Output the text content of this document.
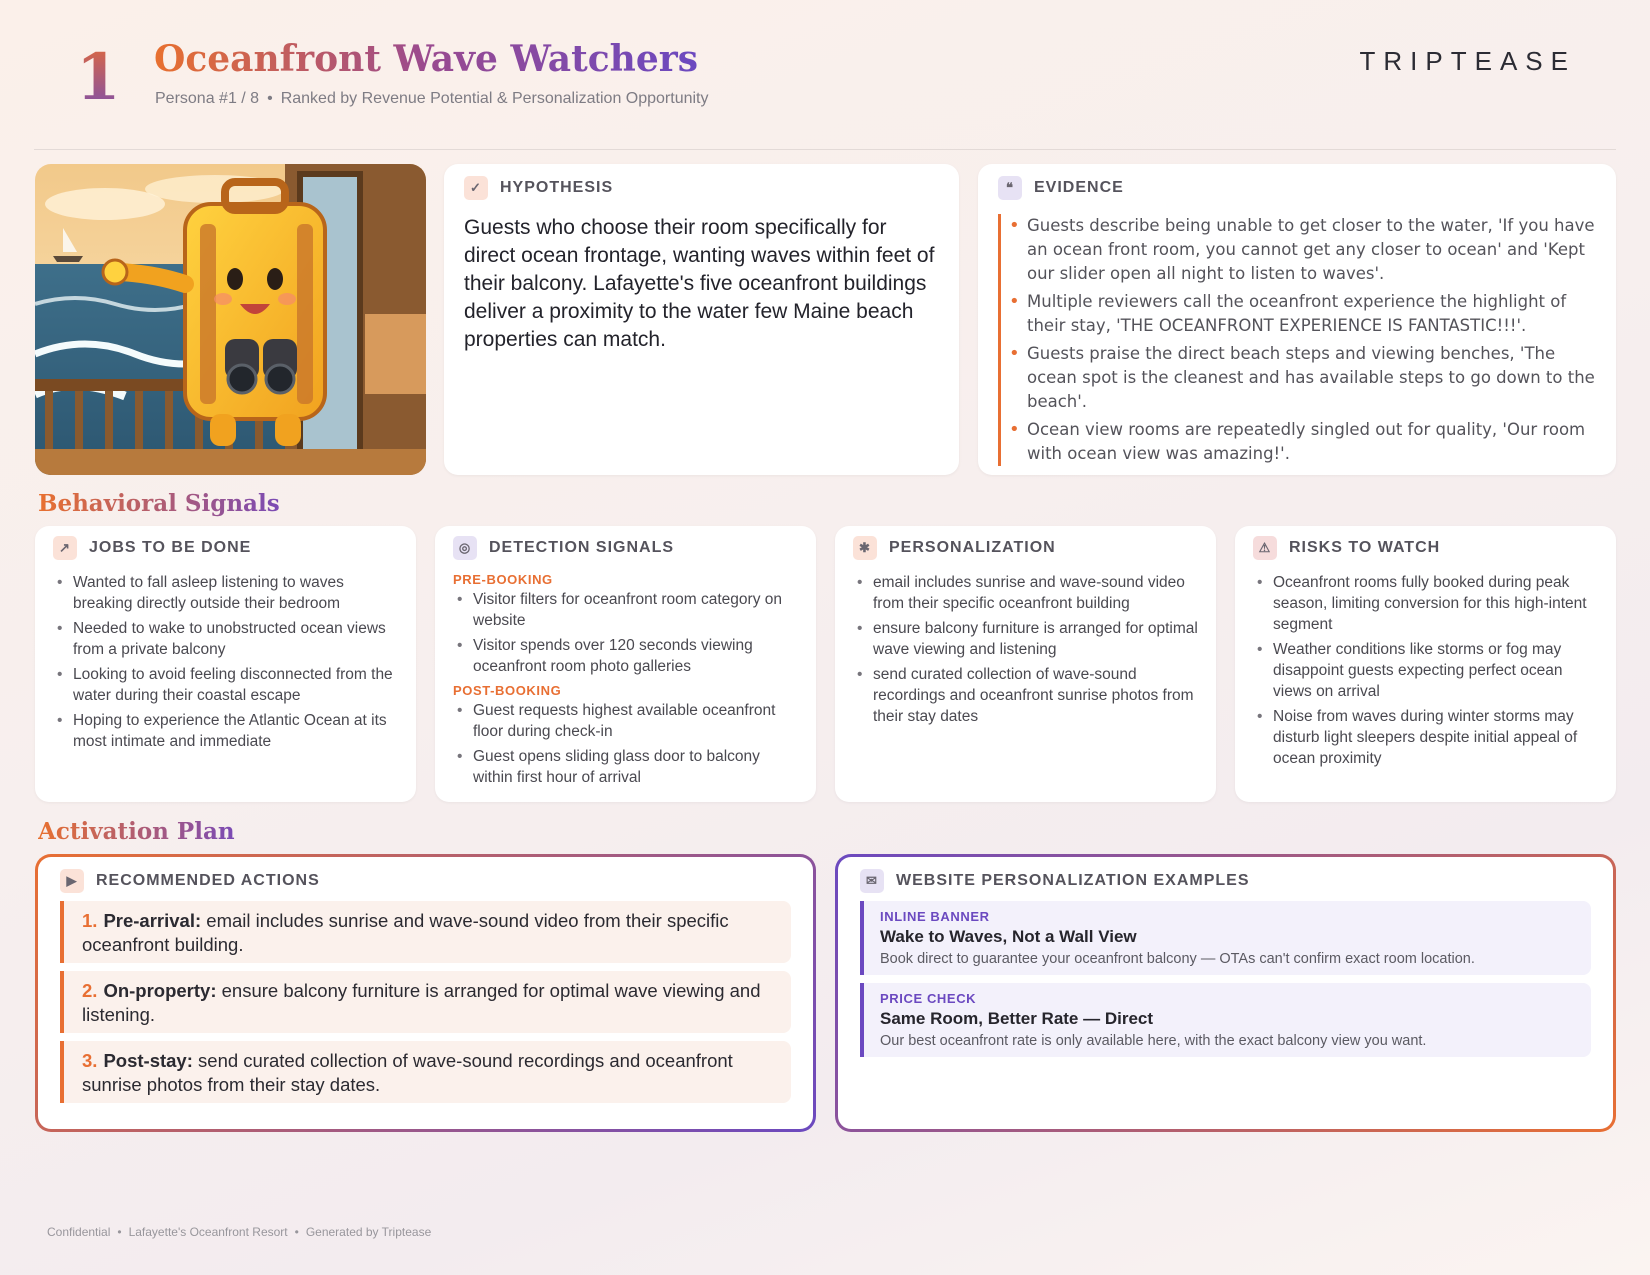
1 Oceanfront Wave Watchers
Persona #1 / 8 • Ranked by Revenue Potential & Personalization Opportunity
TRIPTEASE
✓	HYPOTHESIS

Guests who choose their room specifically for direct ocean frontage, wanting waves within feet of their balcony. Lafayette's five oceanfront buildings deliver a proximity to the water few Maine beach properties can match.

❝	EVIDENCE
• Guests describe being unable to get closer to the water, 'If you have an ocean front room, you cannot get any closer to ocean' and 'Kept our slider open all night to listen to waves'.
• Multiple reviewers call the oceanfront experience the highlight of their stay, 'THE OCEANFRONT EXPERIENCE IS FANTASTIC!!!'.
• Guests praise the direct beach steps and viewing benches, 'The ocean spot is the cleanest and has available steps to go down to the beach'.
• Ocean view rooms are repeatedly singled out for quality, 'Our room with ocean view was amazing!'.
Behavioral Signals
↗	JOBS TO BE DONE
• Wanted to fall asleep listening to waves breaking directly outside their bedroom
• Needed to wake to unobstructed ocean views from a private balcony
• Looking to avoid feeling disconnected from the water during their coastal escape
• Hoping to experience the Atlantic Ocean at its most intimate and immediate
◎	DETECTION SIGNALS
PRE-BOOKING
• Visitor filters for oceanfront room category on website
• Visitor spends over 120 seconds viewing oceanfront room photo galleries
POST-BOOKING
• Guest requests highest available oceanfront floor during check-in
• Guest opens sliding glass door to balcony within first hour of arrival
✱	PERSONALIZATION
• email includes sunrise and wave-sound video from their specific oceanfront building
• ensure balcony furniture is arranged for optimal wave viewing and listening
• send curated collection of wave-sound recordings and oceanfront sunrise photos from their stay dates
⚠	RISKS TO WATCH
• Oceanfront rooms fully booked during peak season, limiting conversion for this high-intent segment
• Weather conditions like storms or fog may disappoint guests expecting perfect ocean views on arrival
• Noise from waves during winter storms may disturb light sleepers despite initial appeal of ocean proximity
Activation Plan
▶	RECOMMENDED ACTIONS
1. Pre-arrival: email includes sunrise and wave-sound video from their specific oceanfront building.
2. On-property: ensure balcony furniture is arranged for optimal wave viewing and listening.
3. Post-stay: send curated collection of wave-sound recordings and oceanfront sunrise photos from their stay dates.
✉	WEBSITE PERSONALIZATION EXAMPLES
INLINE BANNER
Wake to Waves, Not a Wall View
Book direct to guarantee your oceanfront balcony — OTAs can't confirm exact room location.
PRICE CHECK
Same Room, Better Rate — Direct
Our best oceanfront rate is only available here, with the exact balcony view you want.
Confidential • Lafayette's Oceanfront Resort • Generated by Triptease
